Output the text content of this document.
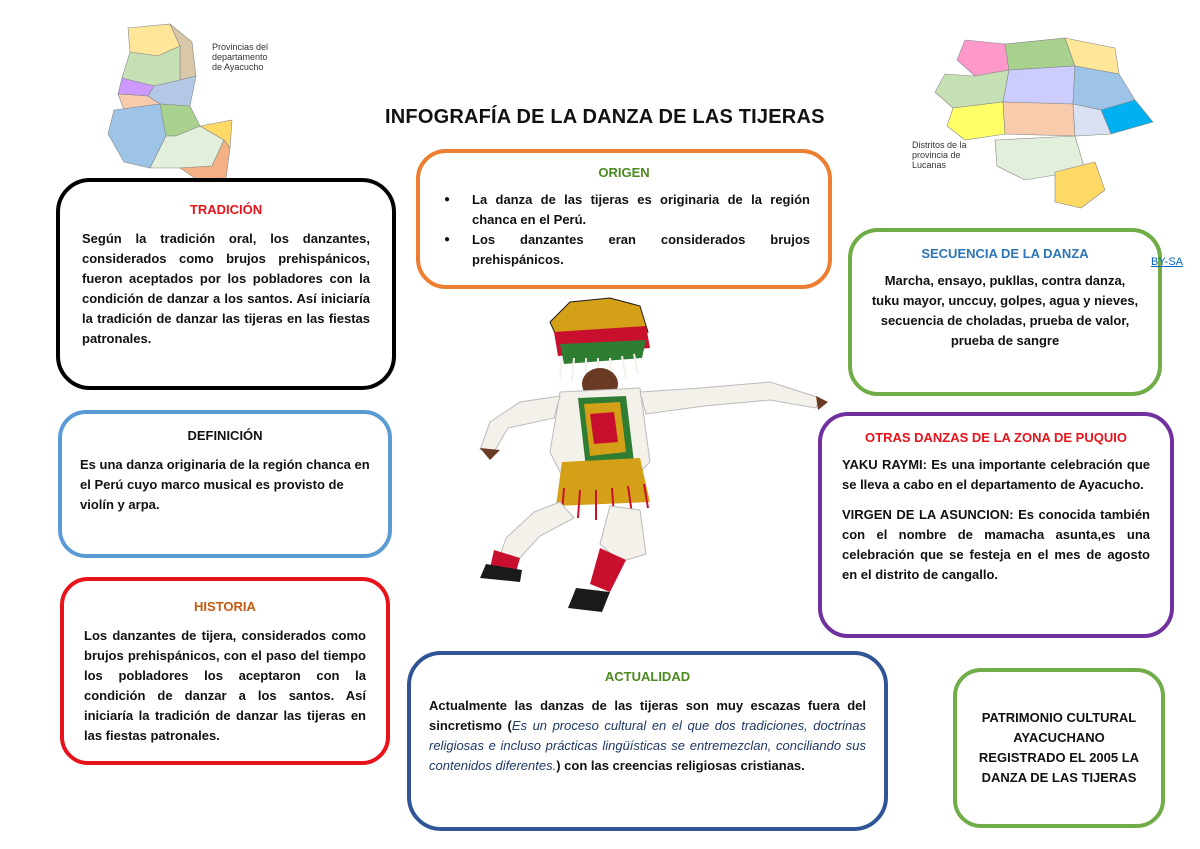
INFOGRAFÍA DE LA DANZA DE LAS TIJERAS
Provincias del departamento de Ayacucho
Distritos de la provincia de Lucanas
TRADICIÓN

Según la tradición oral, los danzantes, considerados como brujos prehispánicos, fueron aceptados por los pobladores con la condición de danzar a los santos. Así iniciaría la tradición de danzar las tijeras en las fiestas patronales.

DEFINICIÓN

Es una danza originaria de la región chanca en el Perú cuyo marco musical es provisto de violín y arpa.

HISTORIA

Los danzantes de tijera, considerados como brujos prehispánicos, con el paso del tiempo los pobladores los aceptaron con la condición de danzar a los santos. Así iniciaría la tradición de danzar las tijeras en las fiestas patronales.

ORIGEN
● La danza de las tijeras es originaria de la región chanca en el Perú.
● Los danzantes eran considerados brujos prehispánicos.	SECUENCIA DE LA DANZA

Marcha, ensayo, pukllas, contra danza, tuku mayor, unccuy, golpes, agua y nieves, secuencia de choladas, prueba de valor, prueba de sangre

BY-SA
OTRAS DANZAS DE LA ZONA DE PUQUIO

YAKU RAYMI: Es una importante celebración que se lleva a cabo en el departamento de Ayacucho.

VIRGEN DE LA ASUNCION: Es conocida también con el nombre de mamacha asunta,es una celebración que se festeja en el mes de agosto en el distrito de cangallo.

ACTUALIDAD

Actualmente las danzas de las tijeras son muy escazas fuera del sincretismo (Es un proceso cultural en el que dos tradiciones, doctrinas religiosas e incluso prácticas lingüísticas se entremezclan, conciliando sus contenidos diferentes.) con las creencias religiosas cristianas.

PATRIMONIO CULTURAL AYACUCHANO REGISTRADO EL 2005 LA DANZA DE LAS TIJERAS
